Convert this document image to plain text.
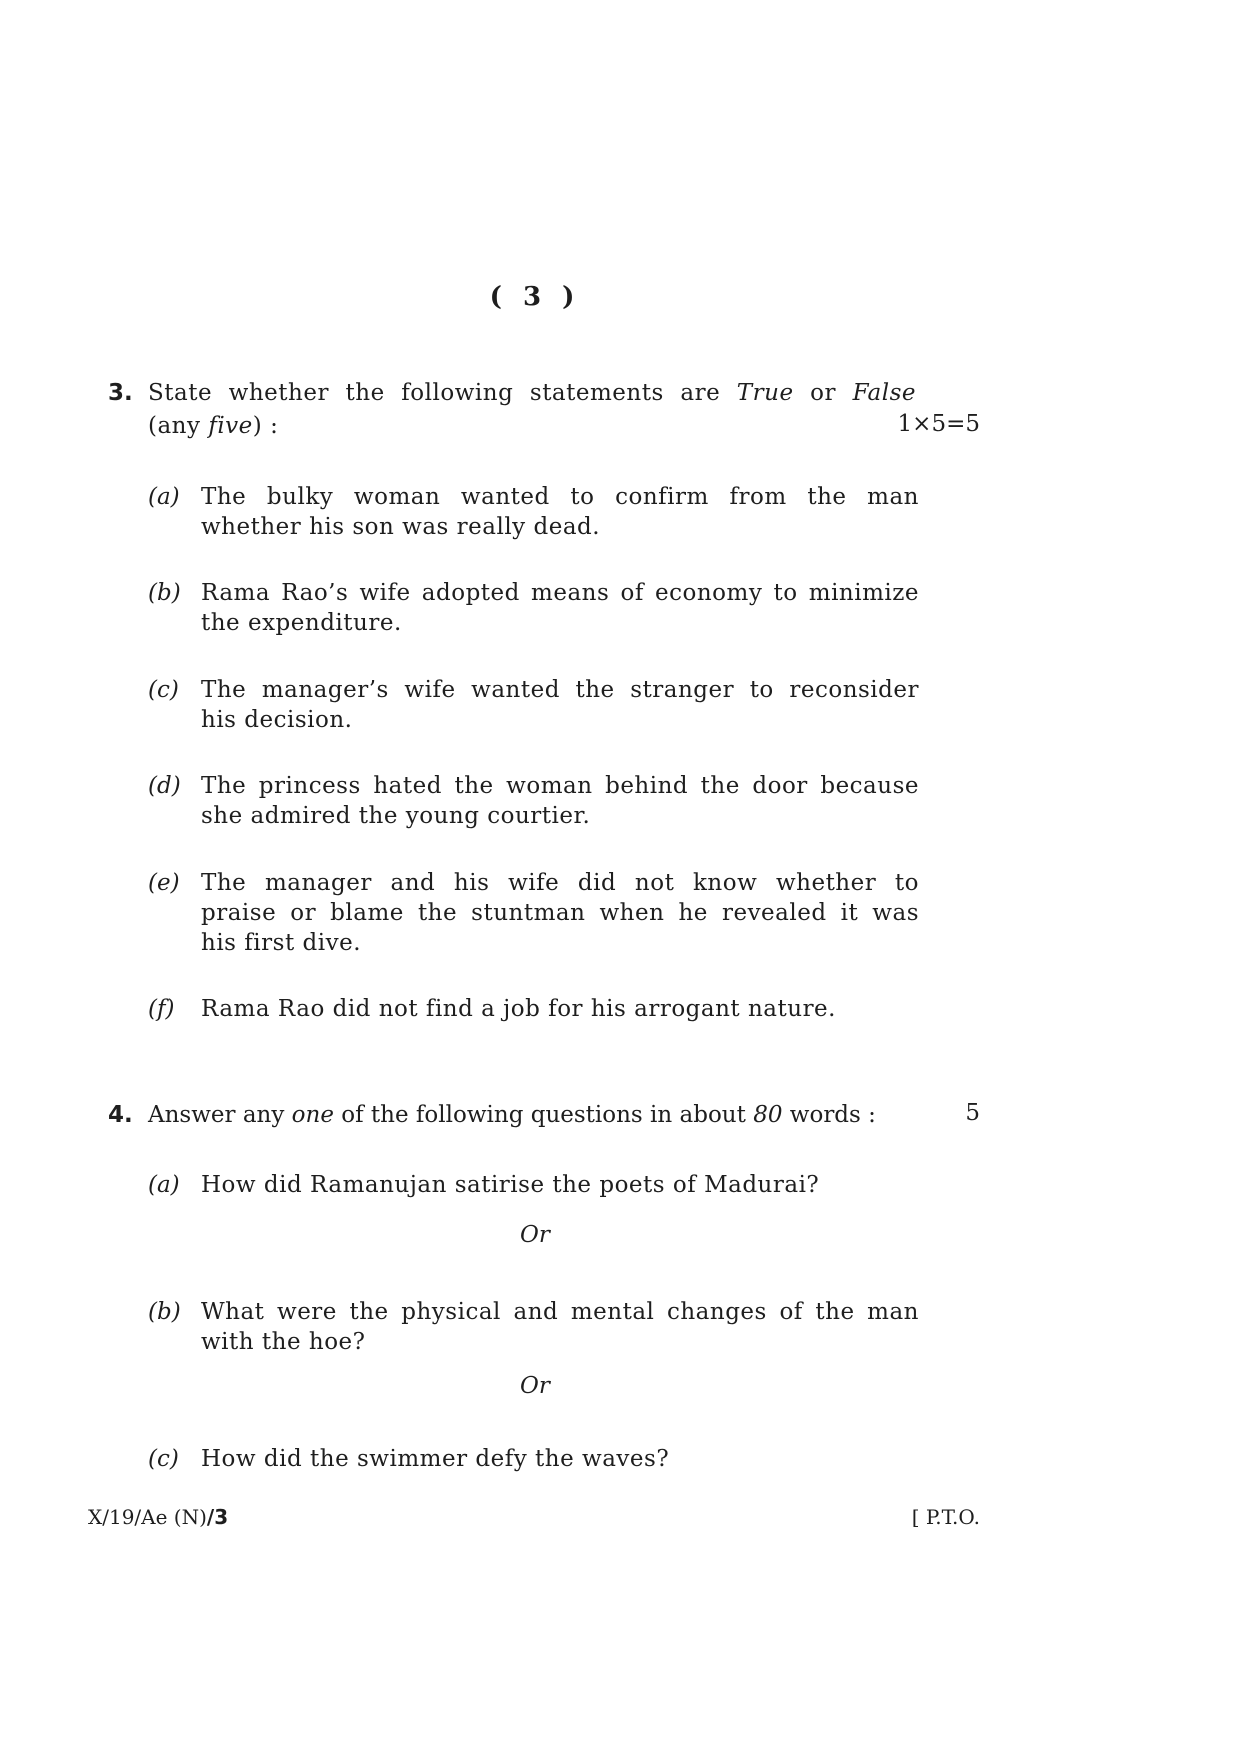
( 3 )
3. State whether the following statements are True or False
(any five) :	1×5=5
(a) The bulky woman wanted to confirm from the man
whether his son was really dead.
(b) Rama Rao’s wife adopted means of economy to minimize
the expenditure.
(c) The manager’s wife wanted the stranger to reconsider
his decision.
(d) The princess hated the woman behind the door because
she admired the young courtier.
(e) The manager and his wife did not know whether to
praise or blame the stuntman when he revealed it was
his first dive.
(f)	Rama Rao did not find a job for his arrogant nature.
4. Answer any one of the following questions in about 80 words :	5
(a) How did Ramanujan satirise the poets of Madurai?
Or
(b) What were the physical and mental changes of the man
with the hoe?
Or
(c) How did the swimmer defy the waves?
X/19/Ae (N)/3	[ P.T.O.
